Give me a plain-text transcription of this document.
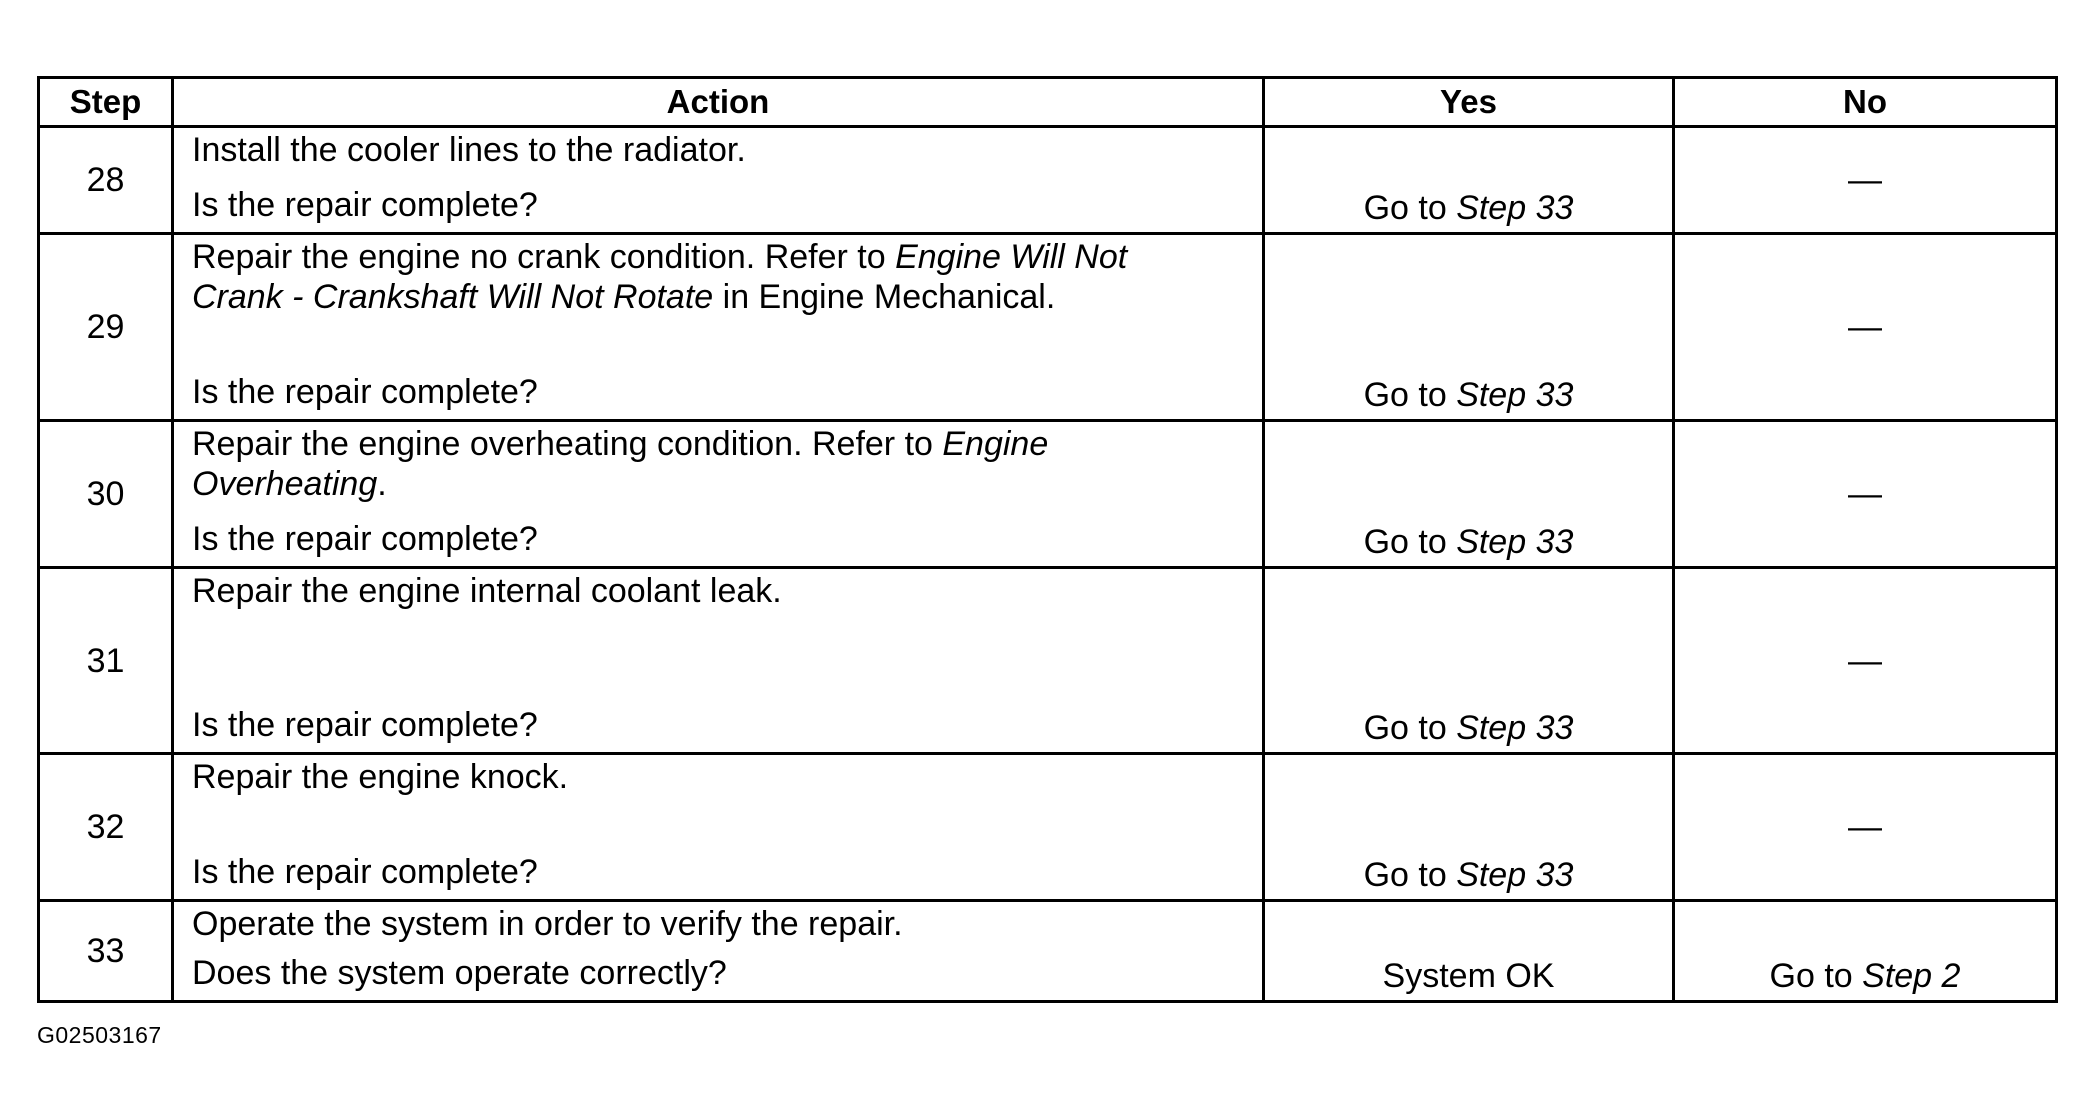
Step	Action	Yes	No
28	Install the cooler lines to the radiator.
Is the repair complete?	Go to Step 33	—
29	Repair the engine no crank condition. Refer to Engine Will Not Crank - Crankshaft Will Not Rotate in Engine Mechanical.
Is the repair complete?	Go to Step 33	—
30	Repair the engine overheating condition. Refer to Engine Overheating.
Is the repair complete?	Go to Step 33	—
31	Repair the engine internal coolant leak.
Is the repair complete?	Go to Step 33	—
32	Repair the engine knock.
Is the repair complete?	Go to Step 33	—
33	Operate the system in order to verify the repair.
Does the system operate correctly?	System OK	Go to Step 2
G02503167
